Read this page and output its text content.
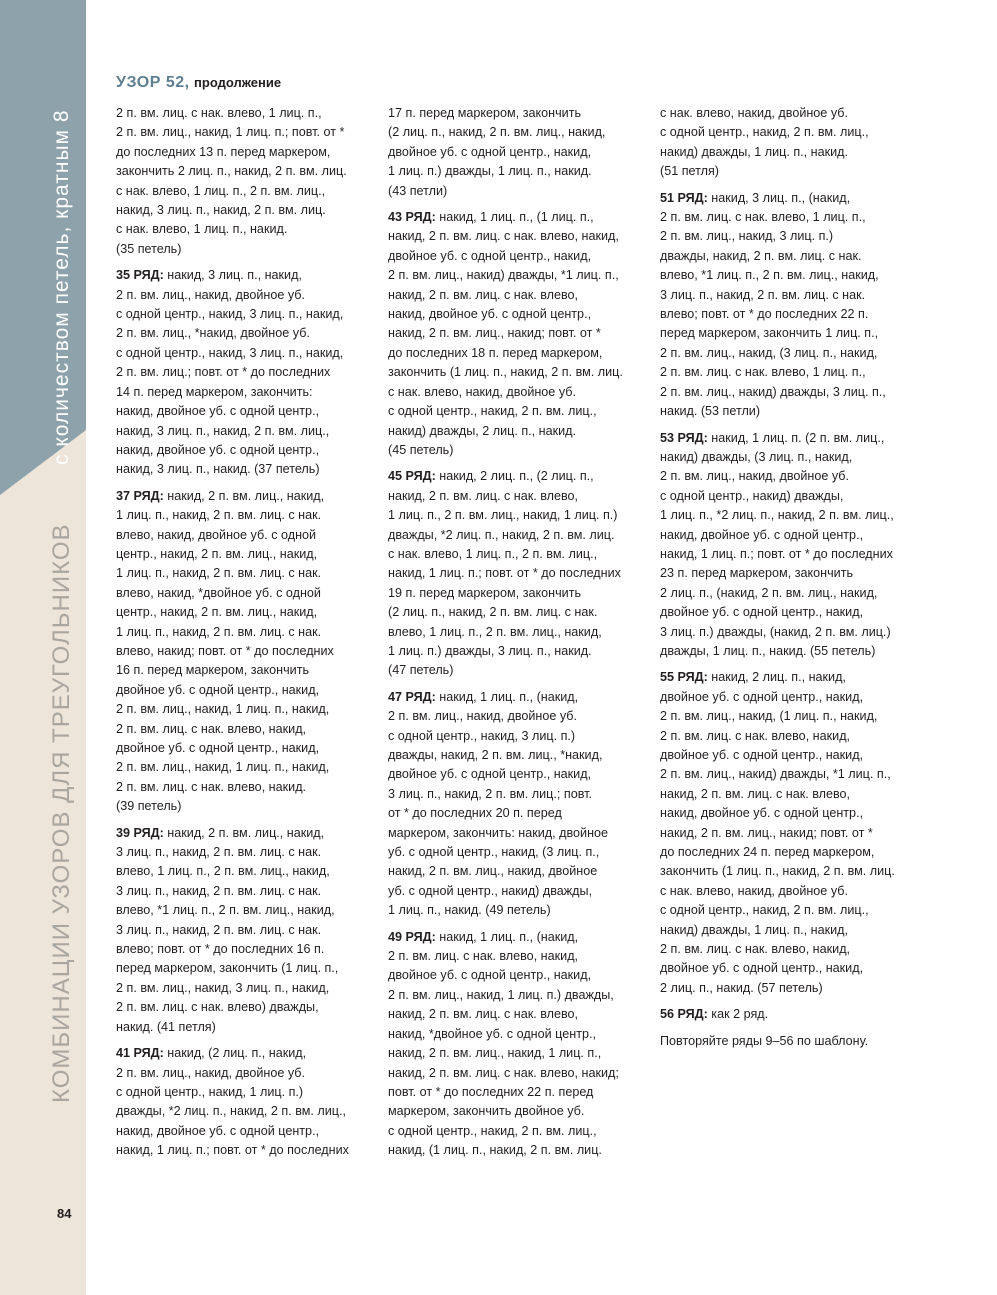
с количеством петель, кратным 8
КОМБИНАЦИИ УЗОРОВ ДЛЯ ТРЕУГОЛЬНИКОВ
84
УЗОР 52, продолжение

2 п. вм. лиц. с нак. влево, 1 лиц. п.,
2 п. вм. лиц., накид, 1 лиц. п.; повт. от *
до последних 13 п. перед маркером,
закончить 2 лиц. п., накид, 2 п. вм. лиц.
с нак. влево, 1 лиц. п., 2 п. вм. лиц.,
накид, 3 лиц. п., накид, 2 п. вм. лиц.
с нак. влево, 1 лиц. п., накид.
(35 петель)

35 РЯД: накид, 3 лиц. п., накид,
2 п. вм. лиц., накид, двойное уб.
с одной центр., накид, 3 лиц. п., накид,
2 п. вм. лиц., *накид, двойное уб.
с одной центр., накид, 3 лиц. п., накид,
2 п. вм. лиц.; повт. от * до последних
14 п. перед маркером, закончить:
накид, двойное уб. с одной центр.,
накид, 3 лиц. п., накид, 2 п. вм. лиц.,
накид, двойное уб. с одной центр.,
накид, 3 лиц. п., накид. (37 петель)

37 РЯД: накид, 2 п. вм. лиц., накид,
1 лиц. п., накид, 2 п. вм. лиц. с нак.
влево, накид, двойное уб. с одной
центр., накид, 2 п. вм. лиц., накид,
1 лиц. п., накид, 2 п. вм. лиц. с нак.
влево, накид, *двойное уб. с одной
центр., накид, 2 п. вм. лиц., накид,
1 лиц. п., накид, 2 п. вм. лиц. с нак.
влево, накид; повт. от * до последних
16 п. перед маркером, закончить
двойное уб. с одной центр., накид,
2 п. вм. лиц., накид, 1 лиц. п., накид,
2 п. вм. лиц. с нак. влево, накид,
двойное уб. с одной центр., накид,
2 п. вм. лиц., накид, 1 лиц. п., накид,
2 п. вм. лиц. с нак. влево, накид.
(39 петель)

39 РЯД: накид, 2 п. вм. лиц., накид,
3 лиц. п., накид, 2 п. вм. лиц. с нак.
влево, 1 лиц. п., 2 п. вм. лиц., накид,
3 лиц. п., накид, 2 п. вм. лиц. с нак.
влево, *1 лиц. п., 2 п. вм. лиц., накид,
3 лиц. п., накид, 2 п. вм. лиц. с нак.
влево; повт. от * до последних 16 п.
перед маркером, закончить (1 лиц. п.,
2 п. вм. лиц., накид, 3 лиц. п., накид,
2 п. вм. лиц. с нак. влево) дважды,
накид. (41 петля)

41 РЯД: накид, (2 лиц. п., накид,
2 п. вм. лиц., накид, двойное уб.
с одной центр., накид, 1 лиц. п.)
дважды, *2 лиц. п., накид, 2 п. вм. лиц.,
накид, двойное уб. с одной центр.,
накид, 1 лиц. п.; повт. от * до последних

17 п. перед маркером, закончить
(2 лиц. п., накид, 2 п. вм. лиц., накид,
двойное уб. с одной центр., накид,
1 лиц. п.) дважды, 1 лиц. п., накид.
(43 петли)

43 РЯД: накид, 1 лиц. п., (1 лиц. п.,
накид, 2 п. вм. лиц. с нак. влево, накид,
двойное уб. с одной центр., накид,
2 п. вм. лиц., накид) дважды, *1 лиц. п.,
накид, 2 п. вм. лиц. с нак. влево,
накид, двойное уб. с одной центр.,
накид, 2 п. вм. лиц., накид; повт. от *
до последних 18 п. перед маркером,
закончить (1 лиц. п., накид, 2 п. вм. лиц.
с нак. влево, накид, двойное уб.
с одной центр., накид, 2 п. вм. лиц.,
накид) дважды, 2 лиц. п., накид.
(45 петель)

45 РЯД: накид, 2 лиц. п., (2 лиц. п.,
накид, 2 п. вм. лиц. с нак. влево,
1 лиц. п., 2 п. вм. лиц., накид, 1 лиц. п.)
дважды, *2 лиц. п., накид, 2 п. вм. лиц.
с нак. влево, 1 лиц. п., 2 п. вм. лиц.,
накид, 1 лиц. п.; повт. от * до последних
19 п. перед маркером, закончить
(2 лиц. п., накид, 2 п. вм. лиц. с нак.
влево, 1 лиц. п., 2 п. вм. лиц., накид,
1 лиц. п.) дважды, 3 лиц. п., накид.
(47 петель)

47 РЯД: накид, 1 лиц. п., (накид,
2 п. вм. лиц., накид, двойное уб.
с одной центр., накид, 3 лиц. п.)
дважды, накид, 2 п. вм. лиц., *накид,
двойное уб. с одной центр., накид,
3 лиц. п., накид, 2 п. вм. лиц.; повт.
от * до последних 20 п. перед
маркером, закончить: накид, двойное
уб. с одной центр., накид, (3 лиц. п.,
накид, 2 п. вм. лиц., накид, двойное
уб. с одной центр., накид) дважды,
1 лиц. п., накид. (49 петель)

49 РЯД: накид, 1 лиц. п., (накид,
2 п. вм. лиц. с нак. влево, накид,
двойное уб. с одной центр., накид,
2 п. вм. лиц., накид, 1 лиц. п.) дважды,
накид, 2 п. вм. лиц. с нак. влево,
накид, *двойное уб. с одной центр.,
накид, 2 п. вм. лиц., накид, 1 лиц. п.,
накид, 2 п. вм. лиц. с нак. влево, накид;
повт. от * до последних 22 п. перед
маркером, закончить двойное уб.
с одной центр., накид, 2 п. вм. лиц.,
накид, (1 лиц. п., накид, 2 п. вм. лиц.

с нак. влево, накид, двойное уб.
с одной центр., накид, 2 п. вм. лиц.,
накид) дважды, 1 лиц. п., накид.
(51 петля)

51 РЯД: накид, 3 лиц. п., (накид,
2 п. вм. лиц. с нак. влево, 1 лиц. п.,
2 п. вм. лиц., накид, 3 лиц. п.)
дважды, накид, 2 п. вм. лиц. с нак.
влево, *1 лиц. п., 2 п. вм. лиц., накид,
3 лиц. п., накид, 2 п. вм. лиц. с нак.
влево; повт. от * до последних 22 п.
перед маркером, закончить 1 лиц. п.,
2 п. вм. лиц., накид, (3 лиц. п., накид,
2 п. вм. лиц. с нак. влево, 1 лиц. п.,
2 п. вм. лиц., накид) дважды, 3 лиц. п.,
накид. (53 петли)

53 РЯД: накид, 1 лиц. п. (2 п. вм. лиц.,
накид) дважды, (3 лиц. п., накид,
2 п. вм. лиц., накид, двойное уб.
с одной центр., накид) дважды,
1 лиц. п., *2 лиц. п., накид, 2 п. вм. лиц.,
накид, двойное уб. с одной центр.,
накид, 1 лиц. п.; повт. от * до последних
23 п. перед маркером, закончить
2 лиц. п., (накид, 2 п. вм. лиц., накид,
двойное уб. с одной центр., накид,
3 лиц. п.) дважды, (накид, 2 п. вм. лиц.)
дважды, 1 лиц. п., накид. (55 петель)

55 РЯД: накид, 2 лиц. п., накид,
двойное уб. с одной центр., накид,
2 п. вм. лиц., накид, (1 лиц. п., накид,
2 п. вм. лиц. с нак. влево, накид,
двойное уб. с одной центр., накид,
2 п. вм. лиц., накид) дважды, *1 лиц. п.,
накид, 2 п. вм. лиц. с нак. влево,
накид, двойное уб. с одной центр.,
накид, 2 п. вм. лиц., накид; повт. от *
до последних 24 п. перед маркером,
закончить (1 лиц. п., накид, 2 п. вм. лиц.
с нак. влево, накид, двойное уб.
с одной центр., накид, 2 п. вм. лиц.,
накид) дважды, 1 лиц. п., накид,
2 п. вм. лиц. с нак. влево, накид,
двойное уб. с одной центр., накид,
2 лиц. п., накид. (57 петель)

56 РЯД: как 2 ряд.

Повторяйте ряды 9–56 по шаблону.
